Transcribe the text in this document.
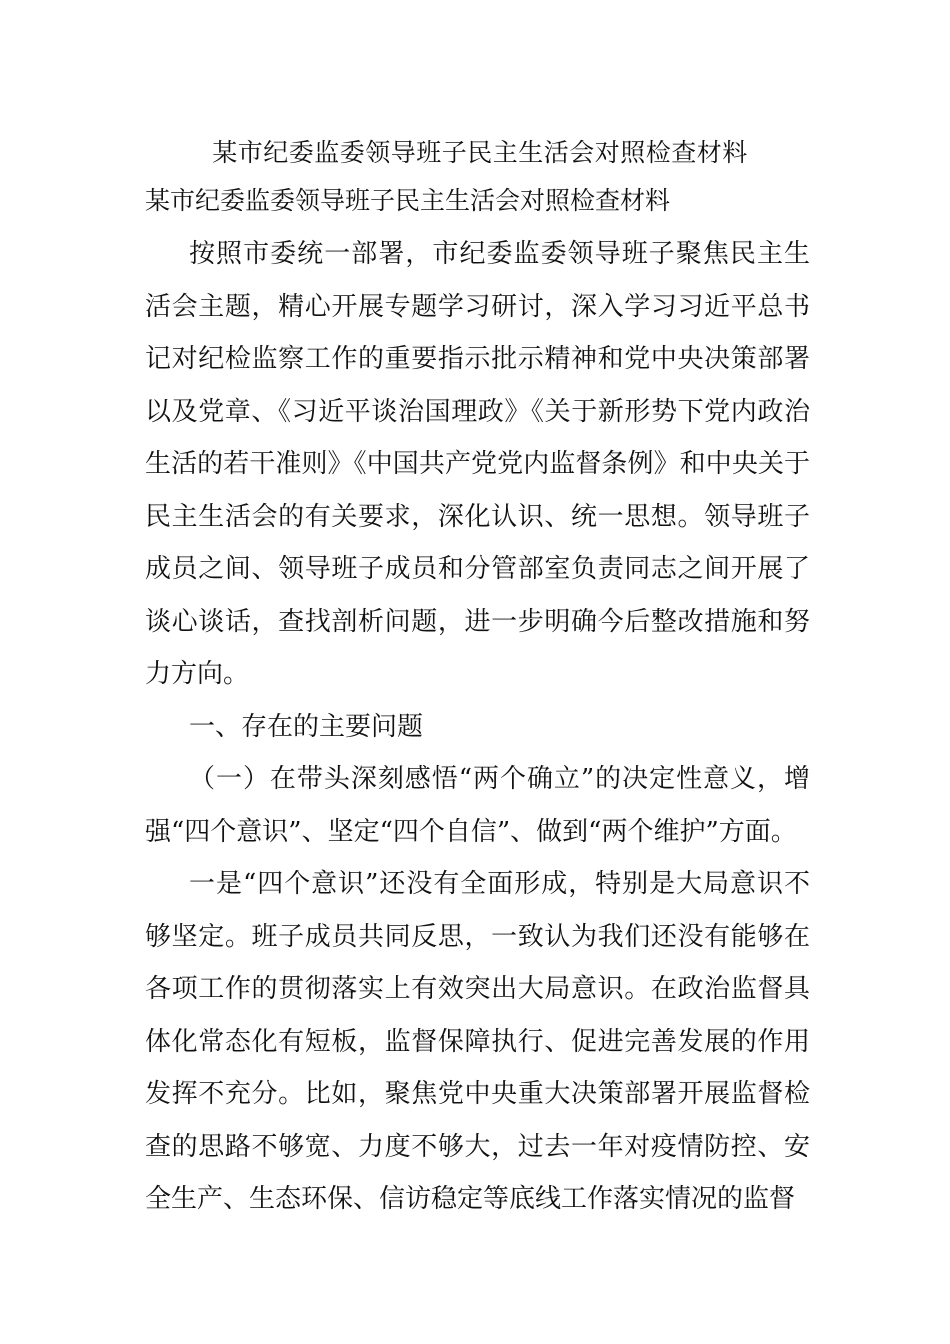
某市纪委监委领导班子民主生活会对照检查材料
某市纪委监委领导班子民主生活会对照检查材料

按照市委统一部署，市纪委监委领导班子聚焦民主生活会主题，精心开展专题学习研讨，深入学习习近平总书记对纪检监察工作的重要指示批示精神和党中央决策部署以及党章、《习近平谈治国理政》《关于新形势下党内政治生活的若干准则》《中国共产党党内监督条例》和中央关于民主生活会的有关要求，深化认识、统一思想。领导班子成员之间、领导班子成员和分管部室负责同志之间开展了谈心谈话，查找剖析问题，进一步明确今后整改措施和努力方向。

一、存在的主要问题

（一）在带头深刻感悟“两个确立”的决定性意义，增强“四个意识”、坚定“四个自信”、做到“两个维护”方面。

一是“四个意识”还没有全面形成，特别是大局意识不够坚定。班子成员共同反思，一致认为我们还没有能够在各项工作的贯彻落实上有效突出大局意识。在政治监督具体化常态化有短板，监督保障执行、促进完善发展的作用发挥不充分。比如，聚焦党中央重大决策部署开展监督检查的思路不够宽、力度不够大，过去一年对疫情防控、安全生产、生态环保、信访稳定等底线工作落实情况的监督
